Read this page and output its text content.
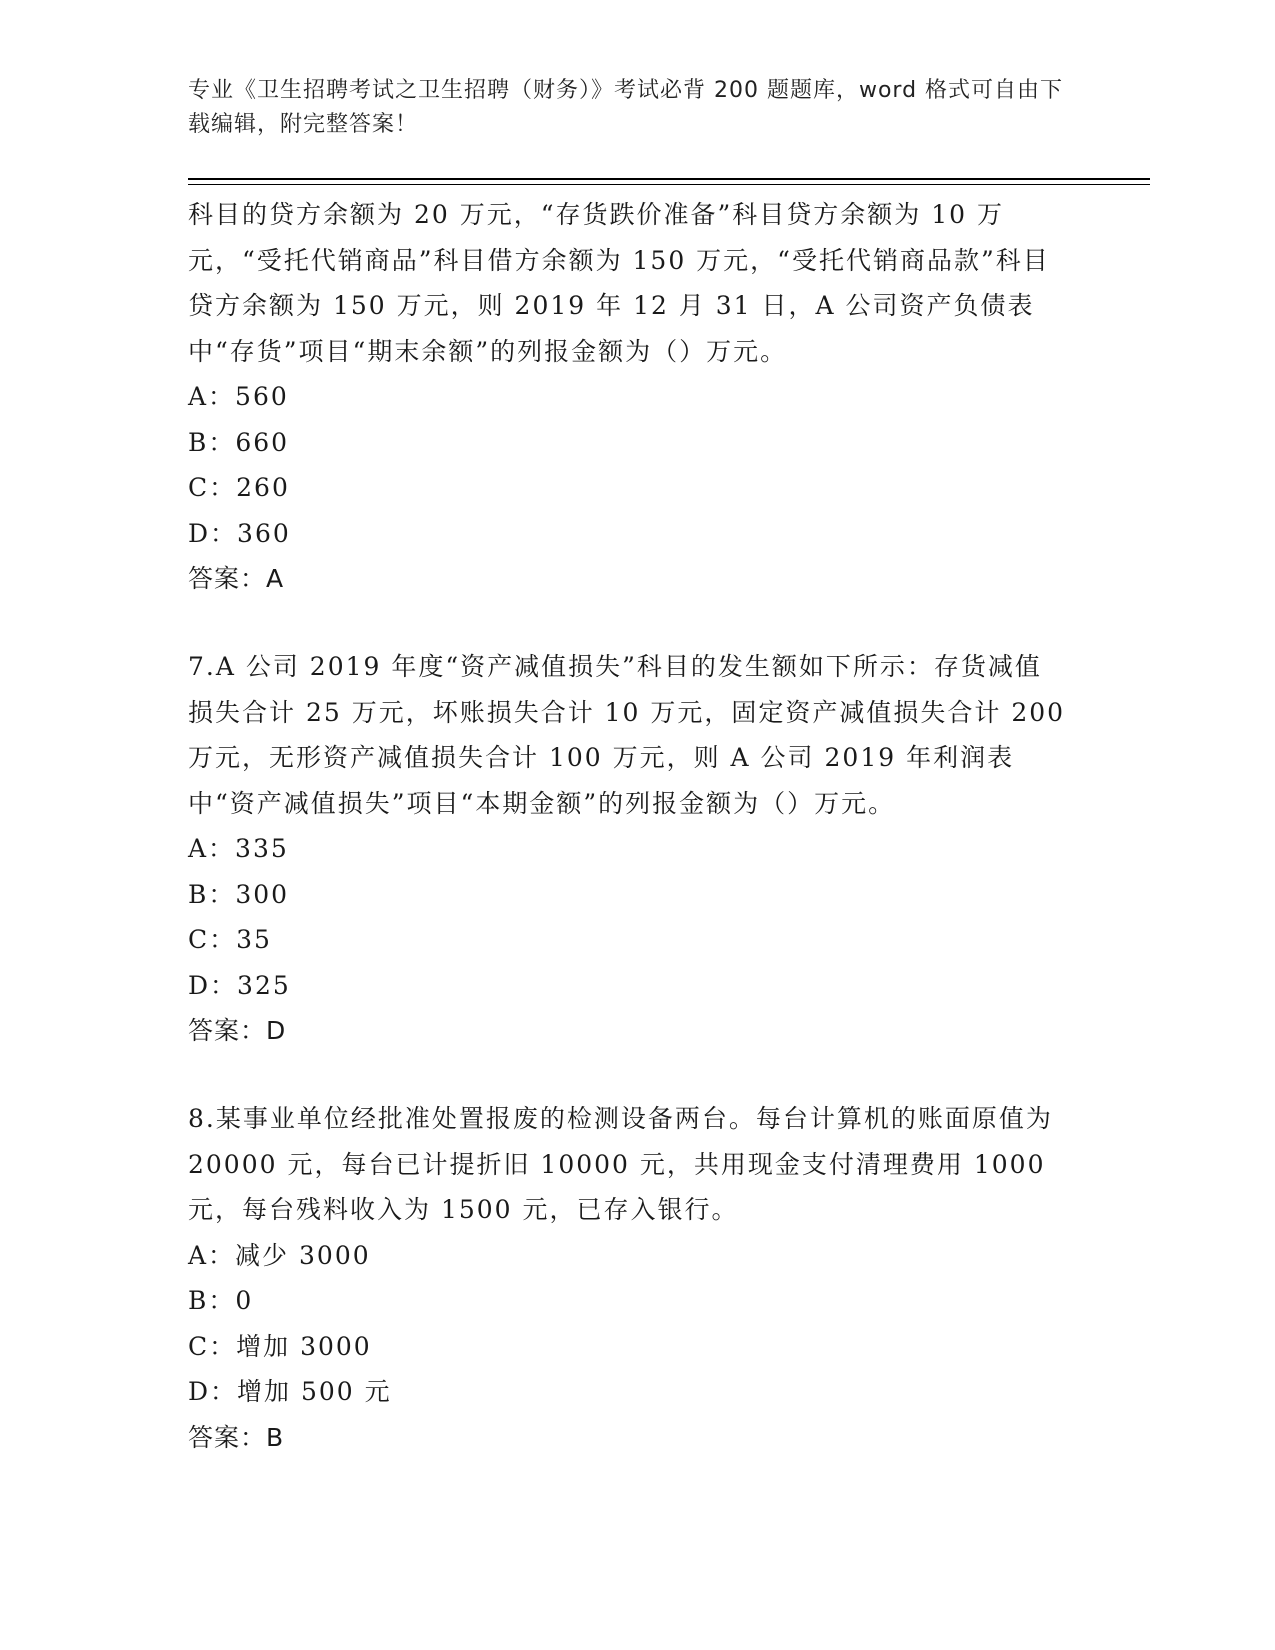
专业《卫生招聘考试之卫生招聘（财务）》考试必背 200 题题库，word 格式可自由下载编辑，附完整答案！

科目的贷方余额为 20 万元，“存货跌价准备”科目贷方余额为 10 万元，“受托代销商品”科目借方余额为 150 万元，“受托代销商品款”科目贷方余额为 150 万元，则 2019 年 12 月 31 日，A 公司资产负债表中“存货”项目“期末余额”的列报金额为（）万元。

A：560

B：660

C：260

D：360

答案：A

7.A 公司 2019 年度“资产减值损失”科目的发生额如下所示：存货减值损失合计 25 万元，坏账损失合计 10 万元，固定资产减值损失合计 200 万元，无形资产减值损失合计 100 万元，则 A 公司 2019 年利润表中“资产减值损失”项目“本期金额”的列报金额为（）万元。

A：335

B：300

C：35

D：325

答案：D

8.某事业单位经批准处置报废的检测设备两台。每台计算机的账面原值为 20000 元，每台已计提折旧 10000 元，共用现金支付清理费用 1000 元，每台残料收入为 1500 元，已存入银行。

A：减少 3000

B：0

C：增加 3000

D：增加 500 元

答案：B
